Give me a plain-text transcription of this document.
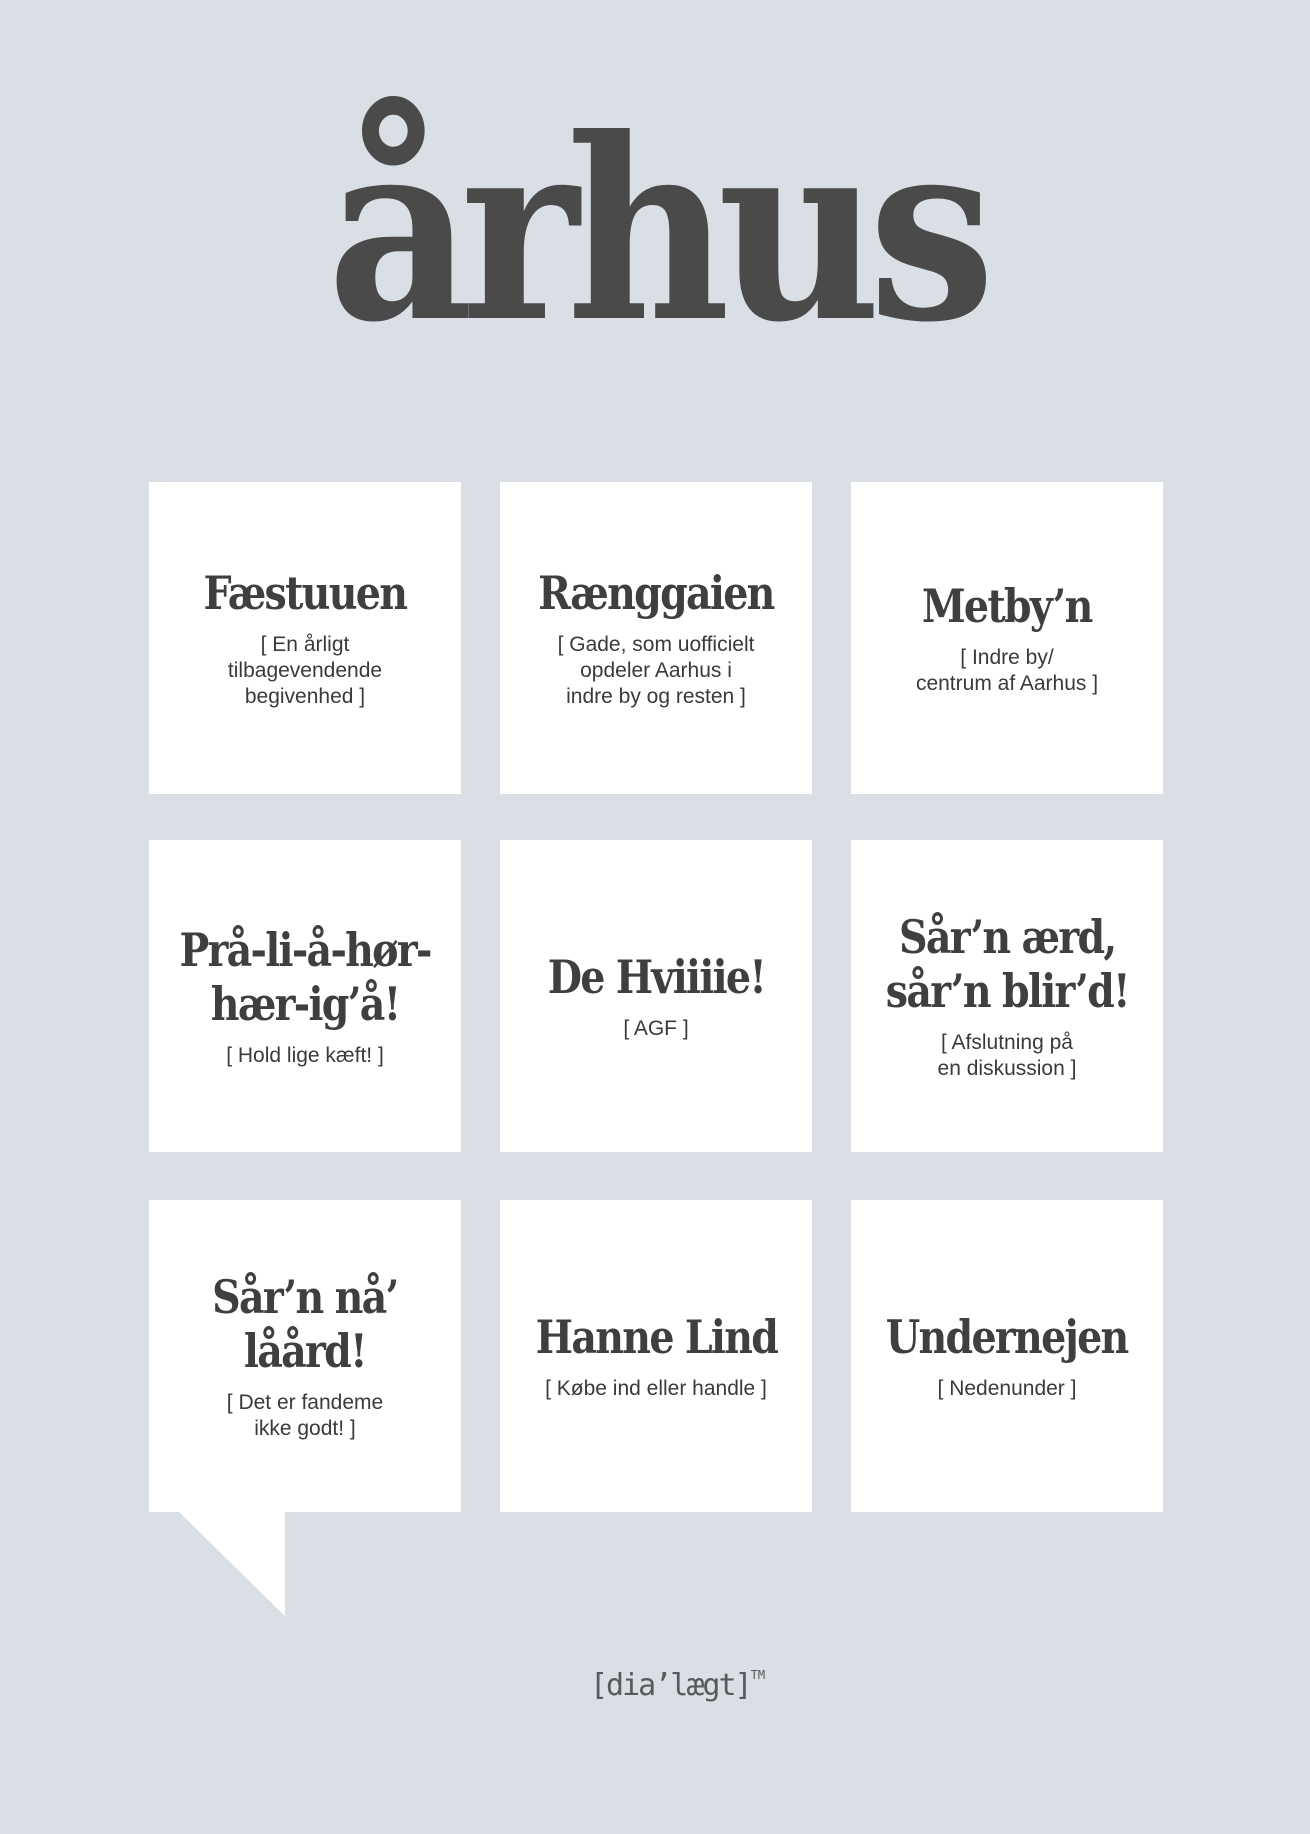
århus
Fæstuuen
[ En årligt
tilbagevendende
begivenhed ]
Rænggaien
[ Gade, som uofficielt
opdeler Aarhus i
indre by og resten ]
Metby’n
[ Indre by/
centrum af Aarhus ]
Prå-li-å-hør-
hær-ig’å!
[ Hold lige kæft! ]
De Hviiiie!
[ AGF ]
Sår’n ærd,
sår’n blir’d!
[ Afslutning på
en diskussion ]
Sår’n nå’
låård!
[ Det er fandeme
ikke godt! ]
Hanne Lind
[ Købe ind eller handle ]
Undernejen
[ Nedenunder ]
[dia’lægt]™
